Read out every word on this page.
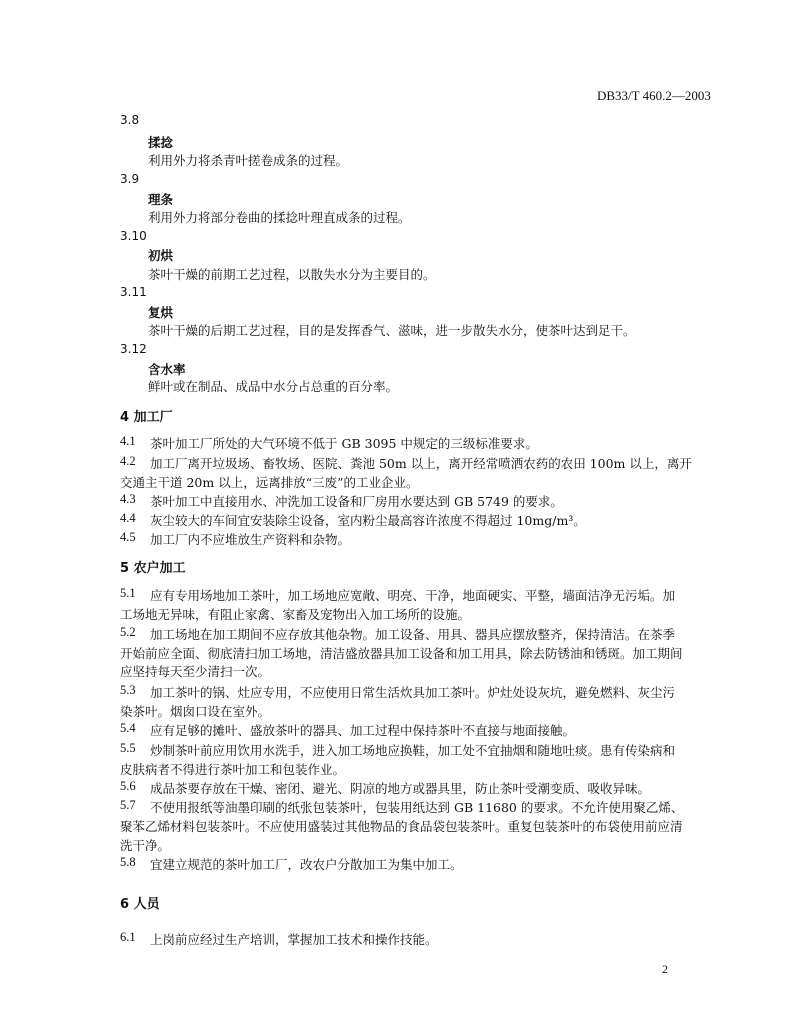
DB33/T 460.2—2003
3.8
揉捻
利用外力将杀青叶搓卷成条的过程。
3.9
理条
利用外力将部分卷曲的揉捻叶理直成条的过程。
3.10
初烘
茶叶干燥的前期工艺过程，以散失水分为主要目的。
3.11
复烘
茶叶干燥的后期工艺过程，目的是发挥香气、滋味，进一步散失水分，使茶叶达到足干。
3.12
含水率
鲜叶或在制品、成品中水分占总重的百分率。
4 加工厂
4.1 茶叶加工厂所处的大气环境不低于 GB 3095 中规定的三级标准要求。
4.2 加工厂离开垃圾场、畜牧场、医院、粪池 50m 以上，离开经常喷洒农药的农田 100m 以上，离开
交通主干道 20m 以上，远离排放“三废”的工业企业。
4.3 茶叶加工中直接用水、冲洗加工设备和厂房用水要达到 GB 5749 的要求。
4.4 灰尘较大的车间宜安装除尘设备，室内粉尘最高容许浓度不得超过 10mg/m³。
4.5 加工厂内不应堆放生产资料和杂物。
5 农户加工
5.1 应有专用场地加工茶叶，加工场地应宽敞、明亮、干净，地面硬实、平整，墙面洁净无污垢。加
工场地无异味，有阻止家禽、家畜及宠物出入加工场所的设施。
5.2 加工场地在加工期间不应存放其他杂物。加工设备、用具、器具应摆放整齐，保持清洁。在茶季
开始前应全面、彻底清扫加工场地，清洁盛放器具加工设备和加工用具，除去防锈油和锈斑。加工期间
应坚持每天至少清扫一次。
5.3 加工茶叶的锅、灶应专用，不应使用日常生活炊具加工茶叶。炉灶处设灰坑，避免燃料、灰尘污
染茶叶。烟囱口设在室外。
5.4 应有足够的摊叶、盛放茶叶的器具、加工过程中保持茶叶不直接与地面接触。
5.5 炒制茶叶前应用饮用水洗手，进入加工场地应换鞋，加工处不宜抽烟和随地吐痰。患有传染病和
皮肤病者不得进行茶叶加工和包装作业。
5.6 成品茶要存放在干燥、密闭、避光、阴凉的地方或器具里，防止茶叶受潮变质、吸收异味。
5.7 不使用报纸等油墨印刷的纸张包装茶叶，包装用纸达到 GB 11680 的要求。不允许使用聚乙烯、
聚苯乙烯材料包装茶叶。不应使用盛装过其他物品的食品袋包装茶叶。重复包装茶叶的布袋使用前应清
洗干净。
5.8 宜建立规范的茶叶加工厂，改农户分散加工为集中加工。
6 人员
6.1 上岗前应经过生产培训，掌握加工技术和操作技能。
2
